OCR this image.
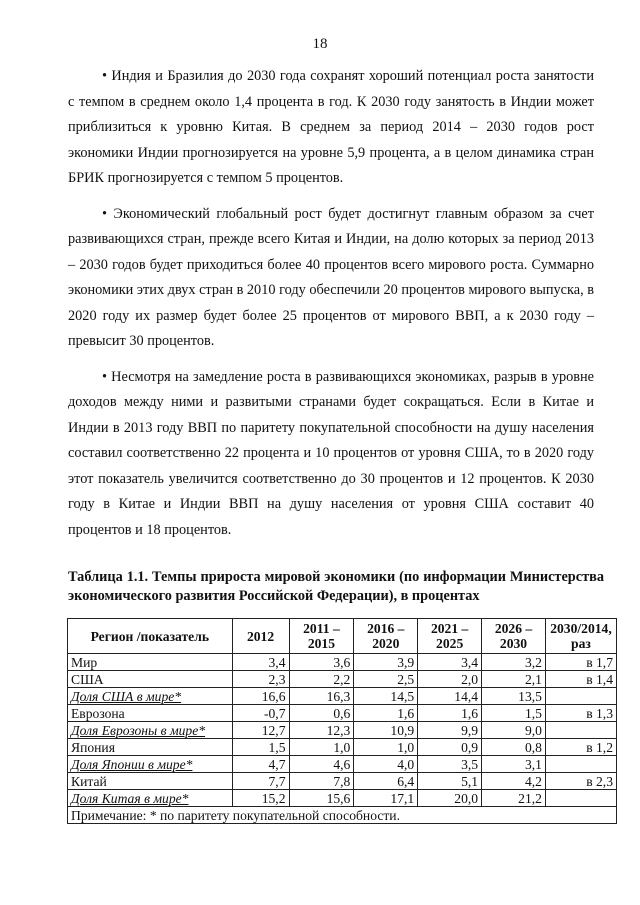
18

• Индия и Бразилия до 2030 года сохранят хороший потенциал роста занятости с темпом в среднем около 1,4 процента в год. К 2030 году занятость в Индии может приблизиться к уровню Китая. В среднем за период 2014 – 2030 годов рост экономики Индии прогнозируется на уровне 5,9 процента, а в целом динамика стран БРИК прогнозируется с темпом 5 процентов.

• Экономический глобальный рост будет достигнут главным образом за счет развивающихся стран, прежде всего Китая и Индии, на долю которых за период 2013 – 2030 годов будет приходиться более 40 процентов всего мирового роста. Суммарно экономики этих двух стран в 2010 году обеспечили 20 процентов мирового выпуска, в 2020 году их размер будет более 25 процентов от мирового ВВП, а к 2030 году – превысит 30 процентов.

• Несмотря на замедление роста в развивающихся экономиках, разрыв в уровне доходов между ними и развитыми странами будет сокращаться. Если в Китае и Индии в 2013 году ВВП по паритету покупательной способности на душу населения составил соответственно 22 процента и 10 процентов от уровня США, то в 2020 году этот показатель увеличится соответственно до 30 процентов и 12 процентов. К 2030 году в Китае и Индии ВВП на душу населения от уровня США составит 40 процентов и 18 процентов.

Таблица 1.1. Темпы прироста мировой экономики (по информации Министерства экономического развития Российской Федерации), в процентах

Регион /показатель	2012	2011 – 2015	2016 – 2020	2021 – 2025	2026 – 2030	2030/2014, раз
Мир	3,4	3,6	3,9	3,4	3,2	в 1,7
США	2,3	2,2	2,5	2,0	2,1	в 1,4
Доля США в мире*	16,6	16,3	14,5	14,4	13,5	
Еврозона	-0,7	0,6	1,6	1,6	1,5	в 1,3
Доля Еврозоны в мире*	12,7	12,3	10,9	9,9	9,0	
Япония	1,5	1,0	1,0	0,9	0,8	в 1,2
Доля Японии в мире*	4,7	4,6	4,0	3,5	3,1	
Китай	7,7	7,8	6,4	5,1	4,2	в 2,3
Доля Китая в мире*	15,2	15,6	17,1	20,0	21,2	
Примечание: * по паритету покупательной способности.						
